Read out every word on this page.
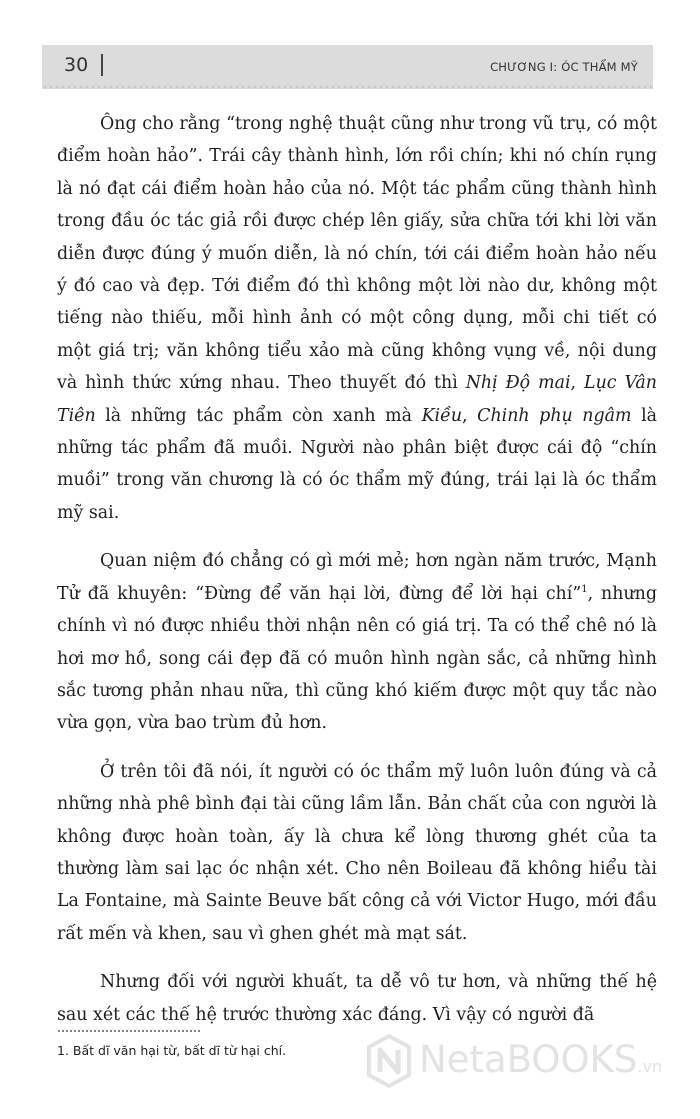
30	CHƯƠNG I: ÓC THẨM MỸ

Ông cho rằng “trong nghệ thuật cũng như trong vũ trụ, có một điểm hoàn hảo”. Trái cây thành hình, lớn rồi chín; khi nó chín rụng là nó đạt cái điểm hoàn hảo của nó. Một tác phẩm cũng thành hình trong đầu óc tác giả rồi được chép lên giấy, sửa chữa tới khi lời văn diễn được đúng ý muốn diễn, là nó chín, tới cái điểm hoàn hảo nếu ý đó cao và đẹp. Tới điểm đó thì không một lời nào dư, không một tiếng nào thiếu, mỗi hình ảnh có một công dụng, mỗi chi tiết có một giá trị; văn không tiểu xảo mà cũng không vụng về, nội dung và hình thức xứng nhau. Theo thuyết đó thì Nhị Độ mai, Lục Vân Tiên là những tác phẩm còn xanh mà Kiều, Chinh phụ ngâm là những tác phẩm đã muồi. Người nào phân biệt được cái độ “chín muồi” trong văn chương là có óc thẩm mỹ đúng, trái lại là óc thẩm mỹ sai.

Quan niệm đó chẳng có gì mới mẻ; hơn ngàn năm trước, Mạnh Tử đã khuyên: “Đừng để văn hại lời, đừng để lời hại chí”$^1$, nhưng chính vì nó được nhiều thời nhận nên có giá trị. Ta có thể chê nó là hơi mơ hồ, song cái đẹp đã có muôn hình ngàn sắc, cả những hình sắc tương phản nhau nữa, thì cũng khó kiếm được một quy tắc nào vừa gọn, vừa bao trùm đủ hơn.

Ở trên tôi đã nói, ít người có óc thẩm mỹ luôn luôn đúng và cả những nhà phê bình đại tài cũng lầm lẫn. Bản chất của con người là không được hoàn toàn, ấy là chưa kể lòng thương ghét của ta thường làm sai lạc óc nhận xét. Cho nên Boileau đã không hiểu tài La Fontaine, mà Sainte Beuve bất công cả với Victor Hugo, mới đầu rất mến và khen, sau vì ghen ghét mà mạt sát.

Nhưng đối với người khuất, ta dễ vô tư hơn, và những thế hệ sau xét các thế hệ trước thường xác đáng. Vì vậy có người đã

1. Bất dĩ văn hại từ, bất dĩ từ hại chí.	NetaBOOKS.vn
